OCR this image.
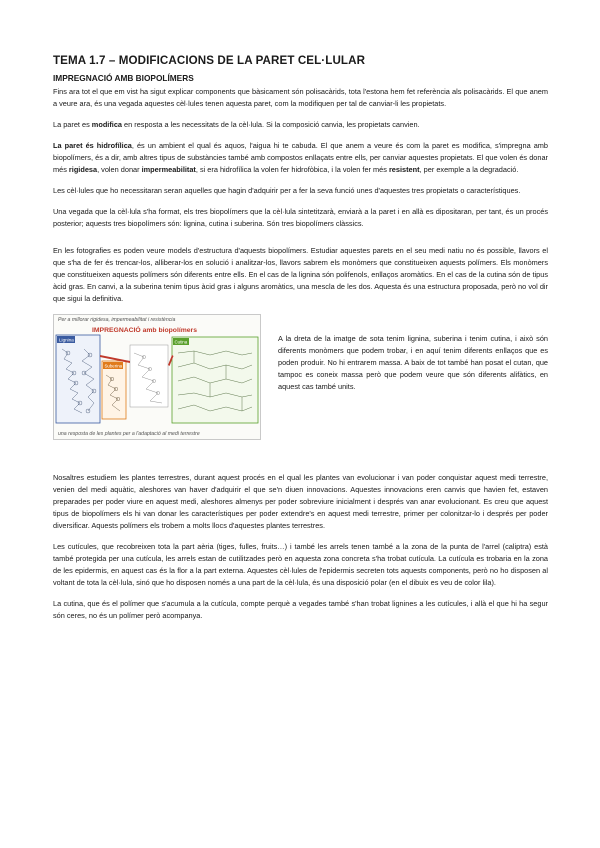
TEMA 1.7 – MODIFICACIONS DE LA PARET CEL·LULAR
IMPREGNACIÓ AMB BIOPOLÍMERS

Fins ara tot el que em vist ha sigut explicar components que bàsicament són polisacàrids, tota l'estona hem fet referència als polisacàrids. El que anem a veure ara, és una vegada aquestes cèl·lules tenen aquesta paret, com la modifiquen per tal de canviar-li les propietats.

La paret es modifica en resposta a les necessitats de la cèl·lula. Si la composició canvia, les propietats canvien.

La paret és hidrofílica, és un ambient el qual és aquos, l'aigua hi te cabuda. El que anem a veure és com la paret es modifica, s'impregna amb biopolímers, és a dir, amb altres tipus de substàncies també amb compostos enllaçats entre ells, per canviar aquestes propietats. El que volen és donar més rigidesa, volen donar impermeabilitat, si era hidrofílica la volen fer hidrofòbica, i la volen fer més resistent, per exemple a la degradació.

Les cèl·lules que ho necessitaran seran aquelles que hagin d'adquirir per a fer la seva funció unes d'aquestes tres propietats o característiques.

Una vegada que la cèl·lula s'ha format, els tres biopolímers que la cèl·lula sintetitzarà, enviarà a la paret i en allà es dipositaran, per tant, és un procés posterior; aquests tres biopolímers són: lignina, cutina i suberina. Són tres biopolímers clàssics.

En les fotografies es poden veure models d'estructura d'aquests biopolímers. Estudiar aquestes parets en el seu medi natiu no és possible, llavors el que s'ha de fer és trencar-los, alliberar-los en solució i analitzar-los, llavors sabrem els monòmers que constitueixen aquests polímers. Els monòmers que constitueixen aquests polímers són diferents entre ells. En el cas de la lignina són polifenols, enllaços aromàtics. En el cas de la cutina són de tipus àcid gras. En canvi, a la suberina tenim tipus àcid gras i alguns aromàtics, una mescla de les dos. Aquesta és una estructura proposada, però no vol dir que sigui la definitiva.

Per a millorar rigidesa, impermeabilitat i resistència
IMPREGNACIÓ amb biopolímers
Lignina
Suberina
Cutina
una resposta de les plantes per a l'adaptació al medi terrestre

A la dreta de la imatge de sota tenim lignina, suberina i tenim cutina, i això són diferents monòmers que podem trobar, i en aquí tenim diferents enllaços que es poden produir. No hi entrarem massa. A baix de tot també han posat el cutan, que tampoc es coneix massa però que podem veure que són diferents alifàtics, en aquest cas també units.

Nosaltres estudiem les plantes terrestres, durant aquest procés en el qual les plantes van evolucionar i van poder conquistar aquest medi terrestre, venien del medi aquàtic, aleshores van haver d'adquirir el que se'n diuen innovacions. Aquestes innovacions eren canvis que havien fet, estaven preparades per poder viure en aquest medi, aleshores almenys per poder sobreviure inicialment i després van anar evolucionant. Es creu que aquest tipus de biopolímers els hi van donar les característiques per poder extendre's en aquest medi terrestre, primer per colonitzar-lo i després per poder diversificar. Aquests polímers els trobem a molts llocs d'aquestes plantes terrestres.

Les cutícules, que recobreixen tota la part aèria (tiges, fulles, fruits…) i també les arrels tenen també a la zona de la punta de l'arrel (caliptra) està també protegida per una cutícula, les arrels estan de cutilitzades però en aquesta zona concreta s'ha trobat cutícula. La cutícula es trobaria en la zona de les epidermis, en aquest cas és la flor a la part externa. Aquestes cèl·lules de l'epidermis secreten tots aquests components, però no ho disposen al voltant de tota la cèl·lula, sinó que ho disposen només a una part de la cèl·lula, és una disposició polar (en el dibuix es veu de color lila).

La cutina, que és el polímer que s'acumula a la cutícula, compte perquè a vegades també s'han trobat lignines a les cutícules, i allà el que hi ha segur són ceres, no és un polímer però acompanya.
